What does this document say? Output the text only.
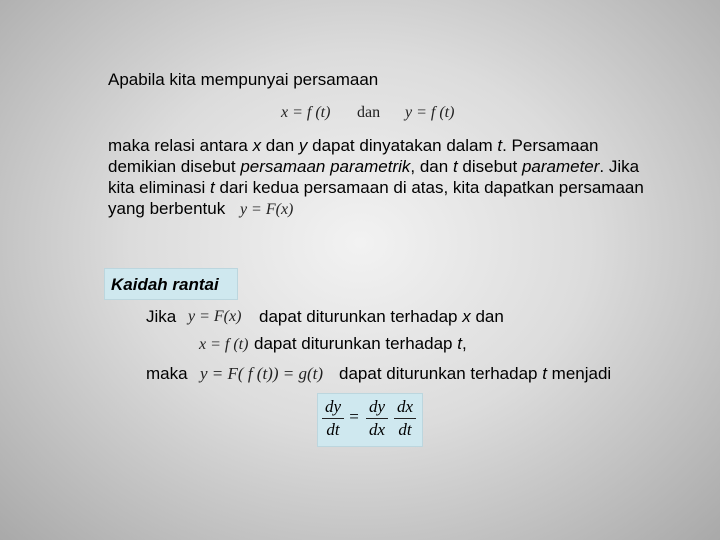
Apabila kita mempunyai persamaan
x = f (t) dan y = f (t)
maka relasi antara x dan y dapat dinyatakan dalam t. Persamaan demikian disebut persamaan parametrik, dan t disebut parameter. Jika kita eliminasi t dari kedua persamaan di atas, kita dapatkan persamaan yang berbentuk y = F(x)
Kaidah rantai
Jika y = F(x) dapat diturunkan terhadap x dan
x = f (t) dapat diturunkan terhadap t,
maka y = F( f (t)) = g(t) dapat diturunkan terhadap t menjadi
dy
dt
=
dy
dx
dx
dt
